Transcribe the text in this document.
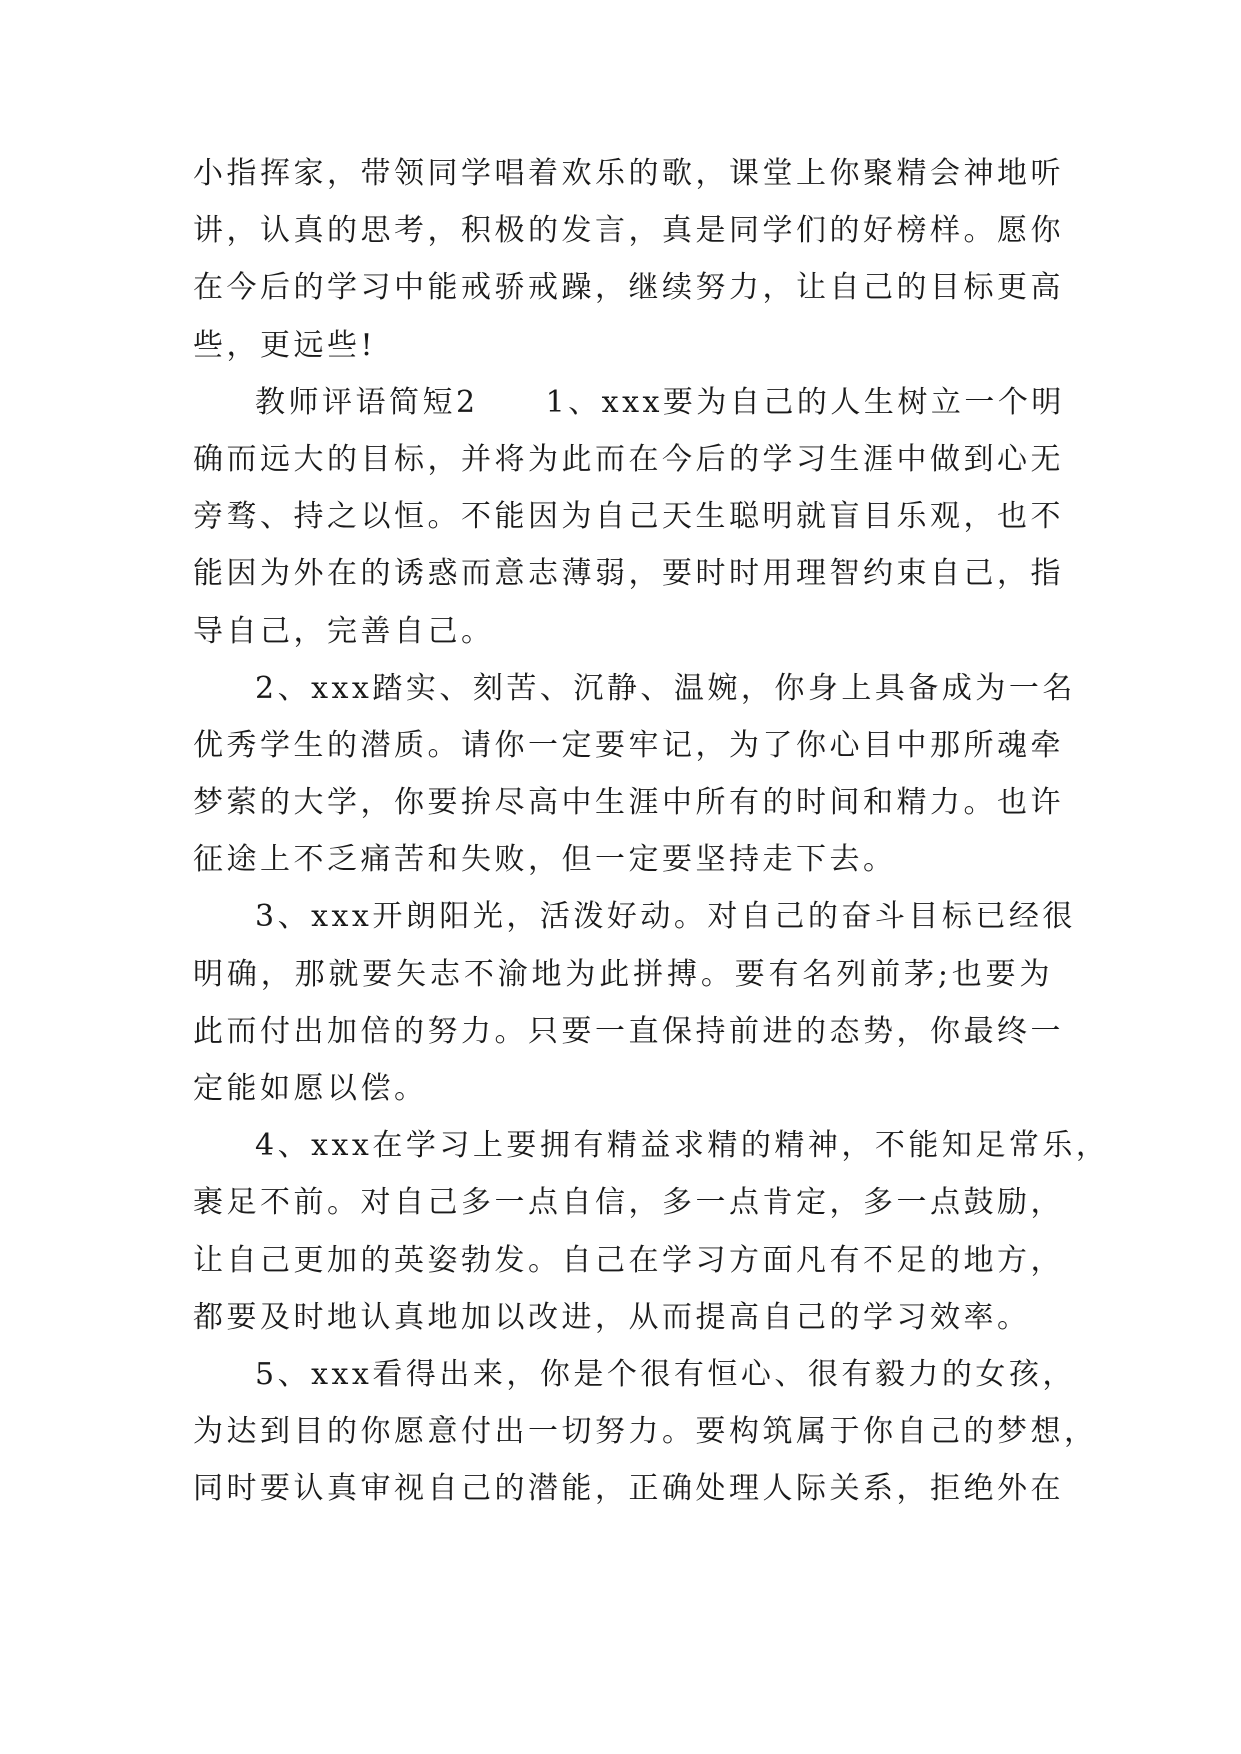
小指挥家，带领同学唱着欢乐的歌，课堂上你聚精会神地听
讲，认真的思考，积极的发言，真是同学们的好榜样。愿你
在今后的学习中能戒骄戒躁，继续努力，让自己的目标更高
些，更远些!
教师评语简短2　　1、xxx要为自己的人生树立一个明
确而远大的目标，并将为此而在今后的学习生涯中做到心无
旁骛、持之以恒。不能因为自己天生聪明就盲目乐观，也不
能因为外在的诱惑而意志薄弱，要时时用理智约束自己，指
导自己，完善自己。
2、xxx踏实、刻苦、沉静、温婉，你身上具备成为一名
优秀学生的潜质。请你一定要牢记，为了你心目中那所魂牵
梦萦的大学，你要拚尽高中生涯中所有的时间和精力。也许
征途上不乏痛苦和失败，但一定要坚持走下去。
3、xxx开朗阳光，活泼好动。对自己的奋斗目标已经很
明确，那就要矢志不渝地为此拼搏。要有名列前茅;也要为
此而付出加倍的努力。只要一直保持前进的态势，你最终一
定能如愿以偿。
4、xxx在学习上要拥有精益求精的精神，不能知足常乐，
裹足不前。对自己多一点自信，多一点肯定，多一点鼓励，
让自己更加的英姿勃发。自己在学习方面凡有不足的地方，
都要及时地认真地加以改进，从而提高自己的学习效率。
5、xxx看得出来，你是个很有恒心、很有毅力的女孩，
为达到目的你愿意付出一切努力。要构筑属于你自己的梦想，
同时要认真审视自己的潜能，正确处理人际关系，拒绝外在
